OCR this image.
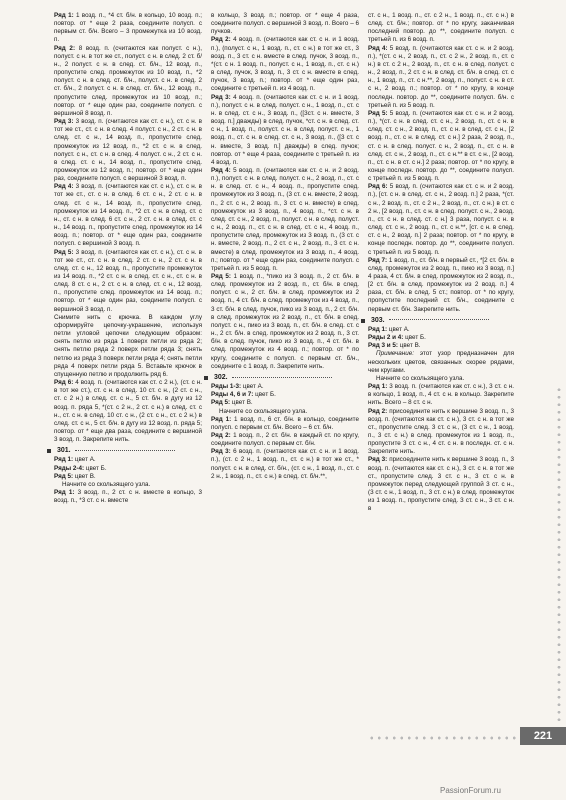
Ряд 1: 1 возд. п., *4 ст. б/н. в кольцо, 10 возд. п.; повтор. от * еще 2 раза, соедините полусп. с первым ст. б/н. Всего – 3 промежутка из 10 возд. п.

Ряд 2: 8 возд. п. (считаются как полуст. с н.), полуст. с н. в тот же ст., полуст. с н. в след. 2 ст. б/н., 2 полуст. с н. в след. ст. б/н., 12 возд. п., пропустите след. промежуток из 10 возд. п., *2 полуст. с н. в след. ст. б/н., полуст. с н. в след. 2 ст. б/н., 2 полуст. с н. в след. ст. б/н., 12 возд. п., пропустите след. промежуток из 10 возд. п.; повтор. от * еще один раз, соедините полусп. с вершиной 8 возд. п.

Ряд 3: 3 возд. п. (считаются как ст. с н.), ст. с н. в тот же ст., ст. с н. в след. 4 полуст. с н., 2 ст. с н. в след. ст. с н., 14 возд. п., пропустите след. промежуток из 12 возд. п., *2 ст. с н. в след. полуст. с н., ст. с н. в след. 4 полуст. с н., 2 ст. с н. в след. ст. с н., 14 возд. п., пропустите след. промежуток из 12 возд. п.; повтор. от * еще один раз, соедините полусп. с вершиной 3 возд. п.

Ряд 4: 3 возд. п. (считаются как ст. с н.), ст. с н. в тот же ст., ст. с н. в след. 6 ст. с н., 2 ст. с н. в след. ст. с н., 14 возд. п., пропустите след. промежуток из 14 возд. п., *2 ст. с н. в след. ст. с н., ст. с н. в след. 6 ст. с н., 2 ст. с н. в след. ст. с н., 14 возд. п., пропустите след. промежуток из 14 возд. п.; повтор. от * еще один раз, соедините полусп. с вершиной 3 возд. п.

Ряд 5: 3 возд. п. (считаются как ст. с н.), ст. с н. в тот же ст., ст. с н. в след. 2 ст. с н., 2 ст. с н. в след. ст. с н., 12 возд. п., пропустите промежуток из 14 возд. п., *2 ст. с н. в след. ст. с н., ст. с н. в след. 8 ст. с н., 2 ст. с н. в след. ст. с н., 12 возд. п., пропустите след. промежуток из 14 возд. п.; повтор. от * еще один раз, соедините полусп. с вершиной 3 возд. п.

Снимите нить с крючка. В каждом углу сформируйте цепочку-украшение, используя петли угловой цепочки следующим образом: снять петлю из ряда 1 поверх петли из ряда 2; снять петлю ряда 2 поверх петли ряда 3; снять петлю из ряда 3 поверх петли ряда 4; снять петли ряда 4 поверх петли ряда 5. Вставьте крючок в спущенную петлю и продолжить ряд 6.

Ряд 6: 4 возд. п. (считаются как ст. с 2 н.), (ст. с н. в тот же ст.), ст. с н. в след. 10 ст. с н., (2 ст. с н., ст. с 2 н.) в след. ст. с н., 5 ст. б/н. в дугу из 12 возд. п. ряда 5, *(ст. с 2 н., 2 ст. с н.) в след. ст. с н., ст. с н. в след. 10 ст. с н., (2 ст. с н., ст. с 2 н.) в след. ст. с н., 5 ст. б/н. в дугу из 12 возд. п. ряда 5; повтор. от * еще два раза, соедините с вершиной 3 возд. п. Закрепите нить.

301.

Ряд 1: цвет А.

Ряды 2-4: цвет Б.

Ряд 5: цвет В.

Начните со скользящего узла.

Ряд 1: 3 возд. п., 2 ст. с н. вместе в кольцо, 3 возд. п., *3 ст. с н. вместе

в кольцо, 3 возд. п.; повтор. от * еще 4 раза, соедините полусп. с вершиной 3 возд. п. Всего – 6 пучков.

Ряд 2: 4 возд. п. (считаются как ст. с н. и 1 возд. п.), (полуст. с н., 1 возд. п., ст. с н.) в тот же ст., 3 возд. п., 3 ст. с н. вместе в след. пучок, 3 возд. п., *(ст. с н. 1 возд. п., полуст. с н., 1 возд. п., ст. с н.) в след. пучок, 3 возд. п., 3 ст. с н. вместе в след. пучок, 3 возд. п.; повтор. от * еще один раз, соедините с третьей п. из 4 возд. п.

Ряд 3: 4 возд. п. (считаются как ст. с н. и 1 возд. п.), полуст. с н. в след. полуст. с н., 1 возд. п., ст. с н. в след. ст. с н., 3 возд. п., ([3ст. с н. вместе, 3 возд. п.] дважды) в след. пучок, *ст. с н. в след. ст. с н., 1 возд. п., полуст. с н. в след. полуст. с н., 1 возд. п., ст. с н. в след. ст. с н., 3 возд. п., ([3 ст. с н. вместе, 3 возд. п.] дважды) в след. пучок; повтор. от * еще 4 раза, соедините с третьей п. из 4 возд. п.

Ряд 4: 5 возд. п. (считаются как ст. с н. и 2 возд. п.), полуст. с н. в след. полуст. с н., 2 возд. п., ст. с н. в след. ст. с н., 4 возд. п., пропустите след. промежуток из 3 возд. п., (3 ст. с н. вместе, 2 возд. п., 2 ст. с н., 2 возд. п., 3 ст. с н. вместе) в след. промежуток из 3 возд. п., 4 возд. п., *ст. с н. в след. ст. с н., 2 возд. п., полуст. с н. в след. полуст. с н., 2 возд. п., ст. с н. в след. ст. с н., 4 возд. п., пропустите след. промежуток из 3 возд. п., (3 ст. с н. вместе, 2 возд. п., 2 ст. с н., 2 возд. п., 3 ст. с н. вместе) в след. промежуток из 3 возд. п., 4 возд. п.; повтор. от * еще один раз, соедините полусп. с третьей п. из 5 возд. п.

Ряд 5: 1 возд. п., *пико из 3 возд. п., 2 ст. б/н. в след. промежуток из 2 возд. п., ст. б/н. в след. полуст. с н., 2 ст. б/н. в след. промежуток из 2 возд. п., 4 ст. б/н. в след. промежуток из 4 возд. п., 3 ст. б/н. в след. пучок, пико из 3 возд. п., 2 ст. б/н. в след. промежуток из 2 возд. п., ст. б/н. в след. полуст. с н., пико из 3 возд. п., ст. б/н. в след. ст. с н., 2 ст. б/н. в след. промежуток из 2 возд. п., 3 ст. б/н. в след. пучок, пико из 3 возд. п., 4 ст. б/н. в след. промежуток из 4 возд. п.; повтор. от * по кругу, соедините с полусп. с первым ст. б/н., соедините с 1 возд. п. Закрепите нить.

302.

Ряды 1-3: цвет А.

Ряды 4, 6 и 7: цвет Б.

Ряд 5: цвет В.

Начните со скользящего узла.

Ряд 1: 1 возд. п., 6 ст. б/н. в кольцо, соедините полусп. с первым ст. б/н. Всего – 6 ст. б/н.

Ряд 2: 1 возд. п., 2 ст. б/н. в каждый ст. по кругу, соедините полусп. с первым ст. б/н.

Ряд 3: 6 возд. п. (считаются как ст. с н. и 1 возд. п.), (ст. с 2 н., 1 возд. п., ст. с н.) в тот же ст., * полуст. с н. в след. ст. б/н., (ст. с н., 1 возд. п., ст. с 2 н., 1 возд. п., ст. с н.) в след. ст. б/н.**,

ст. с н., 1 возд. п., ст. с 2 н., 1 возд. п., ст. с н.) в след. ст. б/н.; повтор. от * по кругу, заканчивая последний повтор. до **, соедините полусп. с третьей п. из 6 возд. п.

Ряд 4: 5 возд. п. (считаются как ст. с н. и 2 возд. п.), *(ст. с н., 2 возд. п., ст. с 2 н., 2 возд. п., ст. с н.) в ст. с 2 н., 2 возд. п., ст. с н. в след. полуст. с н., 2 возд. п., 2 ст. с н. в след. ст. б/н. в след. ст. с н., 1 возд. п., ст. с н.**, 2 возд. п., полуст. с н. в ст. с н., 2 возд. п.; повтор. от * по кругу, в конце последн. повтор. до **, соедините полусп. б/н. с третьей п. из 5 возд. п.

Ряд 5: 5 возд. п. (считаются как ст. с н. и 2 возд. п.), *(ст. с н. в след. ст. с н., 2 возд. п., ст. с н. в след. ст. с н., 2 возд. п., ст. с н. в след. ст. с н., [2 возд. п., ст. с н. в след. ст. с н.] 2 раза, 2 возд. п., ст. с н. в след. полуст. с н., 2 возд. п., ст. с н. в след. ст. с н., 2 возд. п., ст. с н.** в ст. с н., [2 возд. п., ст. с н. в ст. с н.] 2 раза; повтор. от * по кругу, в конце последн. повтор. до **, соедините полусп. с третьей п. из 5 возд. п.

Ряд 6: 5 возд. п. (считаются как ст. с н. и 2 возд. п.), [ст. с н. в след. ст. с н., 2 возд. п.] 2 раза, *(ст. с н., 2 возд. п., ст. с 2 н., 2 возд. п., ст. с н.) в ст. с 2 н., [2 возд. п., ст. с н. в след. полуст. с н., 2 возд. п., ст. с н. в след. ст. с н.] 3 раза, полуст. с н. в след. ст. с н., 2 возд. п., ст. с н.**, [ст. с н. в след. ст. с н., 2 возд. п.] 2 раза; повтор. от * по кругу, в конце последн. повтор. до **, соедините полусп. с третьей п. из 5 возд. п.

Ряд 7: 1 возд. п., ст. б/н. в первый ст., *[2 ст. б/н. в след. промежуток из 2 возд. п., пико из 3 возд. п.] 4 раза, 4 ст. б/н. в след. промежуток из 2 возд. п., [2 ст. б/н. в след. промежуток из 2 возд. п.] 4 раза, ст. б/н. в след. 5 ст.; повтор. от * по кругу, пропустите последний ст. б/н., соедините с первым ст. б/н. Закрепите нить.

303.

Ряд 1: цвет А.

Ряды 2 и 4: цвет Б.

Ряд 3 и 5: цвет В.

Примечание: этот узор предназначен для нескольких цветов, связанных скорее рядами, чем кругами.

Начните со скользящего узла.

Ряд 1: 3 возд. п. (считаются как ст. с н.), 3 ст. с н. в кольцо, 1 возд. п., 4 ст. с н. в кольцо. Закрепите нить. Всего – 8 ст. с н.

Ряд 2: присоедините нить к вершине 3 возд. п., 3 возд. п. (считаются как ст. с н.), 3 ст. с н. в тот же ст., пропустите след. 3 ст. с н., (3 ст. с н., 1 возд. п., 3 ст. с н.) в след. промежуток из 1 возд. п., пропустите 3 ст. с н., 4 ст. с н. в последн. ст. с н. Закрепите нить.

Ряд 3: присоедините нить к вершине 3 возд. п., 3 возд. п. (считаются как ст. с н.), 3 ст. с н. в тот же ст., пропустите след. 3 ст. с н., 3 ст. с н. в промежуток перед следующей группой 3 ст. с н., (3 ст. с н., 1 возд. п., 3 ст. с н.) в след. промежуток из 1 возд. п., пропустите след. 3 ст. с н., 3 ст. с н. в

221
PassionForum.ru
